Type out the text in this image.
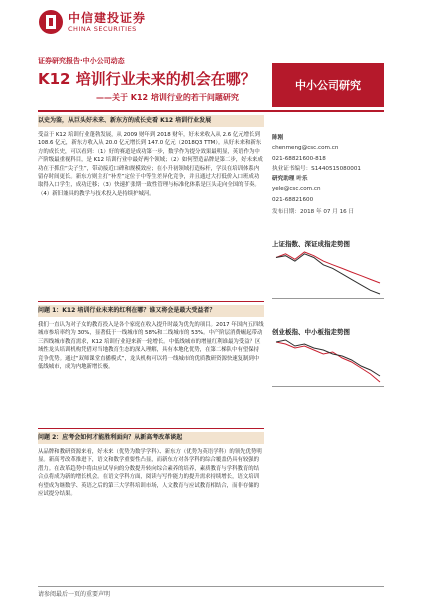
中信建投证券
CHINA SECURITIES
证券研究报告·中小公司动态
K12 培训行业未来的机会在哪？
——关于 K12 培训行业的若干问题研究
中小公司研究
以史为鉴，从巨头好未来、新东方的成长史看 K12 培训行业发展
受益于 K12 培训行业蓬勃发展，从 2009 财年到 2018 财年，好未来收入从 2.6 亿元增长到 108.6 亿元，新东方收入从 20.0 亿元增长到 147.0 亿元（2018Q3 TTM）。从好未来和新东方的成长史，可以看到：（1）好的赛道是成功第一步，数学作为提分效果最明显，英语作为中产阶级最重视科目，是 K12 培训行业中最好两个领域；（2）如何塑造品牌是第二步，好未来成功在于抓住“尖子生”，带动接近口碑和规模效应；在小升初领域打造标杆，学员在培训体系内留存时间更长。新东方则主打“补差”定位于中等生差异化竞争，并且通过大打低价入口班成功取得入口学生，成功迁移；（3）快速扩张期一致性管理与标准化体系是巨头走向全国的节奏。（4）新旧兼具的教学与技术投入是持续护城河。
问题 1：K12 培训行业未来的红利在哪？谁又将会是最大受益者？
我们一直认为对子女的教育投入是各个家庭在收入提升时最为优先的项目。2017 年国内五四线城市参培率约为 30%，显著低于一线城市的 58%和二线城市的 53%。中产阶层消费崛起带动三四线城市教育需求，K12 培训行业迎来新一轮增长。中低线城市的增量红利谁最为受益？区域性龙头培训机构凭借对当地教育生态的深入理解，具有本地化优势，在第二梯队中有望保持竞争优势。通过“双师课堂直播模式”，龙头机构可以将一线城市的优质教研资源快速复制到中低线城市，成为内地新增长极。
问题 2：应考会如何才能胜利面向？从新高考改革谈起
从品牌和教研资源来看，好未来（优势为数学学科）、新东方（优势为英语学科）的领先优势明显。新高考改革推进下，语文和数学重要性凸显，而新东方对各学科的综合覆盖仍具有较强的潜力。在改革趋势中将由应试导向的分数提升转向综合素养的培养，素质教育与学科教育的结合点将成为新的增长机会。在语文学科方面，阅读与写作能力的提升需求持续增长，语文培训有望成为继数学、英语之后的第三大学科培训市场，人文教育与应试教育相结合，而非存储的应试提分结果。
陈刚
chenmeng@csc.com.cn
021-68821600-818
执业证书编号：S1440515080001
研究助理 叶乐
yele@csc.com.cn
021-68821600
发布日期：2018 年 07 月 16 日
上证指数、深证成指走势图
创业板指、中小板指走势图
请参阅最后一页的重要声明
